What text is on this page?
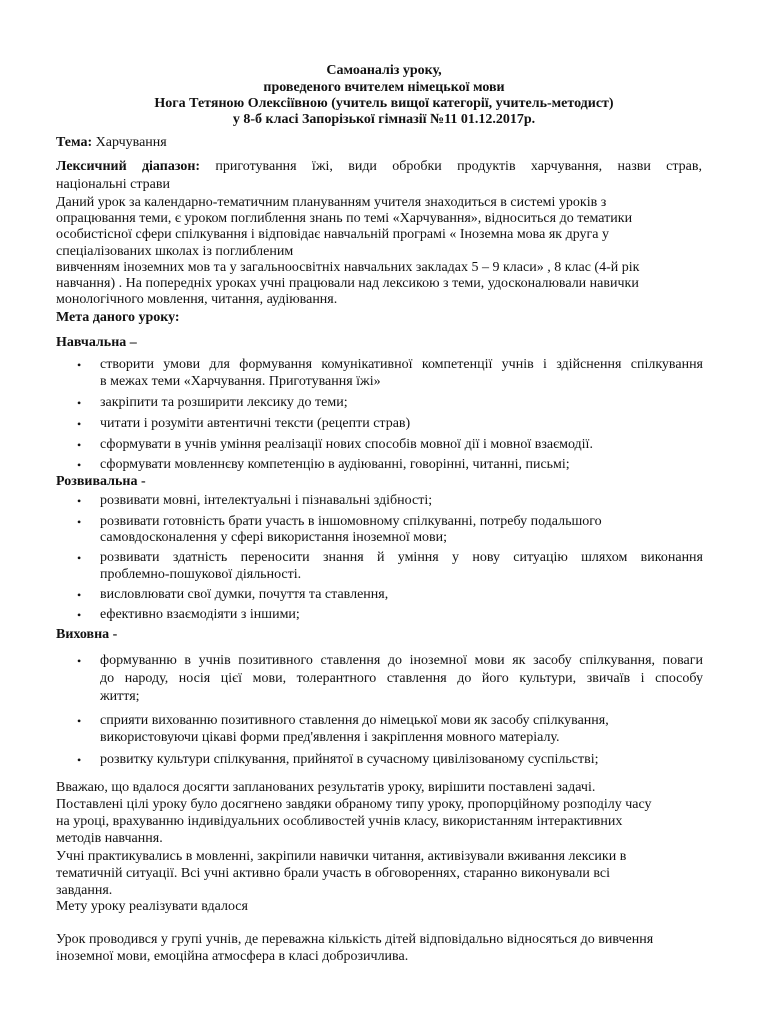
Самоаналіз уроку,
проведеного вчителем німецької мови
Нога Тетяною Олексіївною (учитель вищої категорії, учитель-методист)
у 8-б класі Запорізької гімназії №11 01.12.2017р.
Тема: Харчування
Лексичний діапазон: приготування їжі, види обробки продуктів харчування, назви страв,
національні страви
Даний урок за календарно-тематичним плануванням учителя знаходиться в системі уроків з
опрацювання теми, є уроком поглиблення знань по темі «Харчування», відноситься до тематики
особистісної сфери спілкування і відповідає навчальній програмі « Іноземна мова як друга у
спеціалізованих школах із поглибленим
вивченням іноземних мов та у загальноосвітніх навчальних закладах 5 – 9 класи» , 8 клас (4-й рік
навчання) . На попередніх уроках учні працювали над лексикою з теми, удосконалювали навички
монологічного мовлення, читання, аудіювання.
Мета даного уроку:
Навчальна –
• створити умови для формування комунікативної компетенції учнів і здійснення спілкування
в межах теми «Харчування. Приготування їжі»
• закріпити та розширити лексику до теми;
• читати і розуміти автентичні тексти (рецепти страв)
• сформувати в учнів уміння реалізації нових способів мовної дії і мовної взаємодії.
• сформувати мовленнєву компетенцію в аудіюванні, говорінні, читанні, письмі;
Розвивальна -
• розвивати мовні, інтелектуальні і пізнавальні здібності;
• розвивати готовність брати участь в іншомовному спілкуванні, потребу подальшого
самовдосконалення у сфері використання іноземної мови;
• розвивати здатність переносити знання й уміння у нову ситуацію шляхом виконання
проблемно-пошукової діяльності.
• висловлювати свої думки, почуття та ставлення,
• ефективно взаємодіяти з іншими;
Виховна -
• формуванню в учнів позитивного ставлення до іноземної мови як засобу спілкування, поваги
до народу, носія цієї мови, толерантного ставлення до його культури, звичаїв і способу
життя;
• сприяти вихованню позитивного ставлення до німецької мови як засобу спілкування,
використовуючи цікаві форми пред'явлення і закріплення мовного матеріалу.
• розвитку культури спілкування, прийнятої в сучасному цивілізованому суспільстві;
Вважаю, що вдалося досягти запланованих результатів уроку, вирішити поставлені задачі.
Поставлені цілі уроку було досягнено завдяки обраному типу уроку, пропорційному розподілу часу
на уроці, врахуванню індивідуальних особливостей учнів класу, використанням інтерактивних
методів навчання.
Учні практикувались в мовленні, закріпили навички читання, активізували вживання лексики в
тематичній ситуації. Всі учні активно брали участь в обговореннях, старанно виконували всі
завдання.
Мету уроку реалізувати вдалося
Урок проводився у групі учнів, де переважна кількість дітей відповідально відносяться до вивчення
іноземної мови, емоційна атмосфера в класі доброзичлива.
